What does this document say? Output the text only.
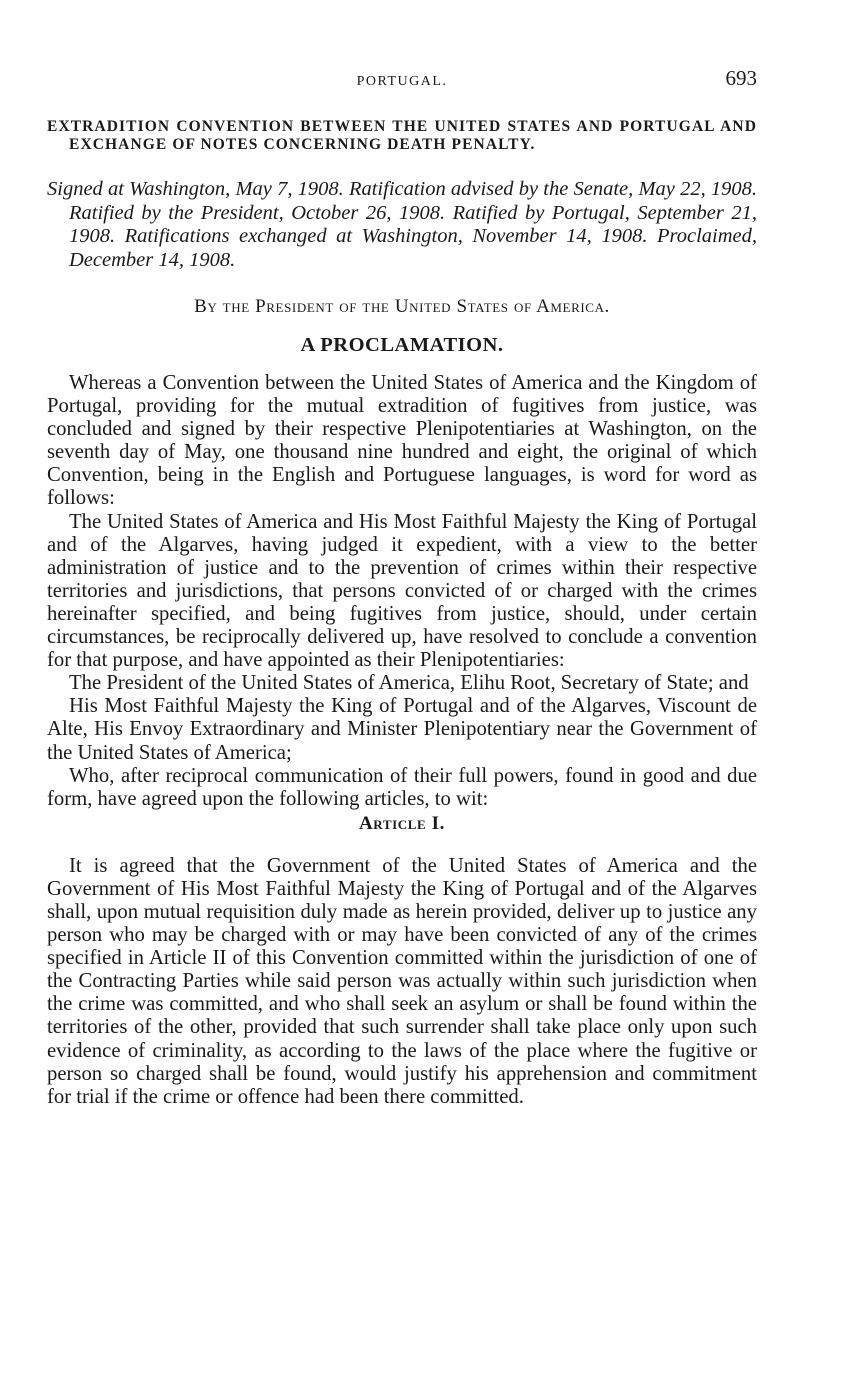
PORTUGAL.	693
EXTRADITION CONVENTION BETWEEN THE UNITED STATES AND PORTUGAL AND EXCHANGE OF NOTES CONCERNING DEATH PENALTY.

Signed at Washington, May 7, 1908. Ratification advised by the Senate, May 22, 1908. Ratified by the President, October 26, 1908. Ratified by Portugal, September 21, 1908. Ratifications exchanged at Washington, November 14, 1908. Proclaimed, December 14, 1908.

By the President of the United States of America.

A PROCLAMATION.

Whereas a Convention between the United States of America and the Kingdom of Portugal, providing for the mutual extradition of fugitives from justice, was concluded and signed by their respective Plenipotentiaries at Washington, on the seventh day of May, one thousand nine hundred and eight, the original of which Convention, being in the English and Portuguese languages, is word for word as follows:

The United States of America and His Most Faithful Majesty the King of Portugal and of the Algarves, having judged it expedient, with a view to the better administration of justice and to the prevention of crimes within their respective territories and jurisdictions, that persons convicted of or charged with the crimes hereinafter specified, and being fugitives from justice, should, under certain circumstances, be reciprocally delivered up, have resolved to conclude a convention for that purpose, and have appointed as their Plenipotentiaries:

The President of the United States of America, Elihu Root, Secretary of State; and

His Most Faithful Majesty the King of Portugal and of the Algarves, Viscount de Alte, His Envoy Extraordinary and Minister Plenipotentiary near the Government of the United States of America;

Who, after reciprocal communication of their full powers, found in good and due form, have agreed upon the following articles, to wit:

Article I.

It is agreed that the Government of the United States of America and the Government of His Most Faithful Majesty the King of Portugal and of the Algarves shall, upon mutual requisition duly made as herein provided, deliver up to justice any person who may be charged with or may have been convicted of any of the crimes specified in Article II of this Convention committed within the jurisdiction of one of the Contracting Parties while said person was actually within such jurisdiction when the crime was committed, and who shall seek an asylum or shall be found within the territories of the other, provided that such surrender shall take place only upon such evidence of criminality, as according to the laws of the place where the fugitive or person so charged shall be found, would justify his apprehension and commitment for trial if the crime or offence had been there committed.
